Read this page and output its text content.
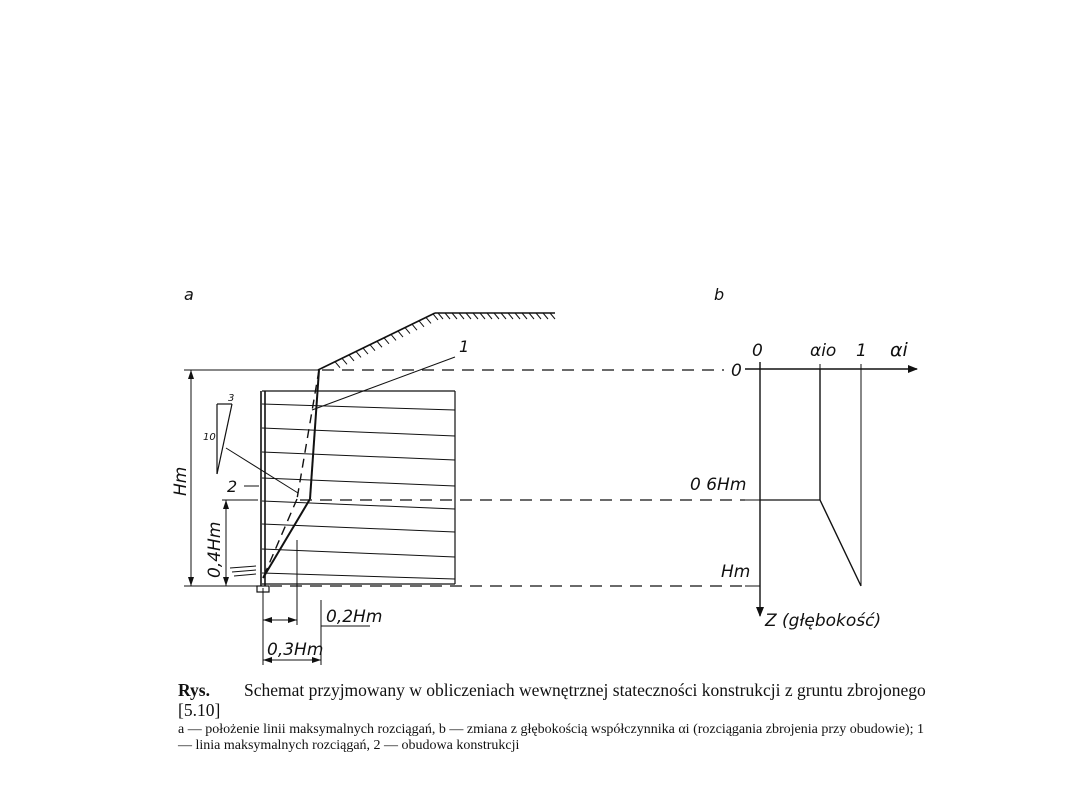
a
1
2
3
10
Hm
0,4Hm
0,2Hm
0,3Hm
b
0	αio 1 αi
0
0 6Hm
Hm
Z (głębokość)
Rys. Schemat przyjmowany w obliczeniach wewnętrznej stateczności konstrukcji z gruntu zbrojonego [5.10]
a — położenie linii maksymalnych rozciągań, b — zmiana z głębokością współczynnika αi (rozciągania zbrojenia przy obudowie); 1 — linia maksymalnych rozciągań, 2 — obudowa konstrukcji
